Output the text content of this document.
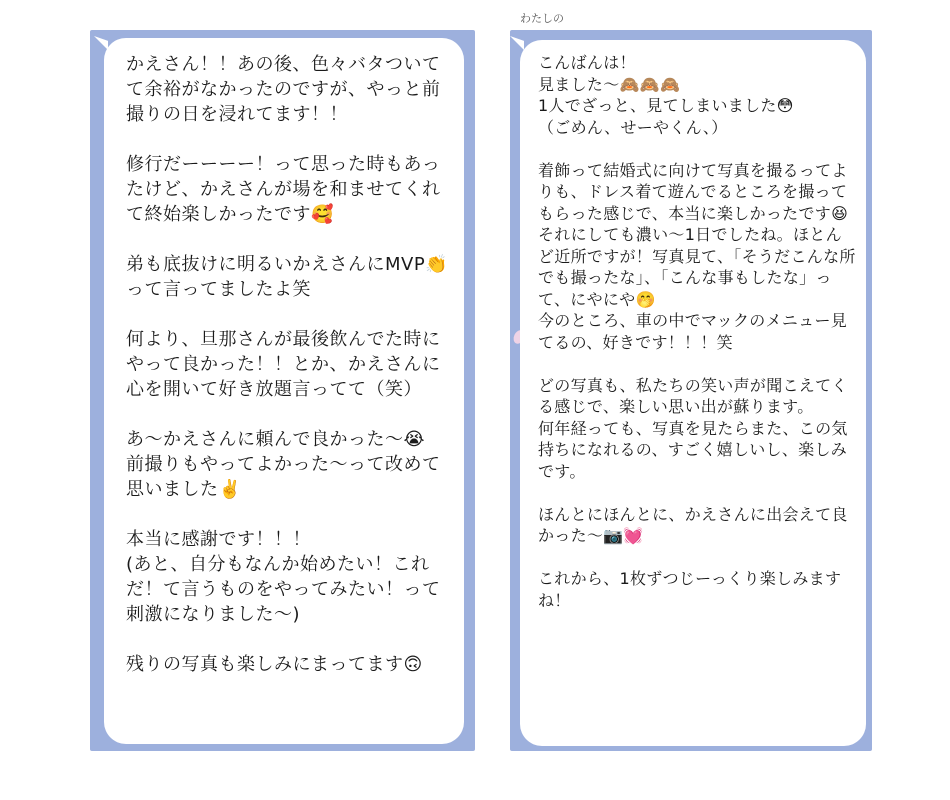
わたしの

かえさん！！あの後、色々バタついてて余裕がなかったのですが、やっと前撮りの日を浸れてます！！

修行だーーーー！って思った時もあったけど、かえさんが場を和ませてくれて終始楽しかったです🥰

弟も底抜けに明るいかえさんにMVP👏って言ってましたよ笑

何より、旦那さんが最後飲んでた時にやって良かった！！とか、かえさんに心を開いて好き放題言ってて（笑）

あ〜かえさんに頼んで良かった〜😭
前撮りもやってよかった〜って改めて思いました✌️

本当に感謝です！！！
(あと、自分もなんか始めたい！これだ！て言うものをやってみたい！って刺激になりました〜)

残りの写真も楽しみにまってます🙃

こんばんは！
見ました〜🙈🙈🙈
1人でざっと、見てしまいました😳
（ごめん、せーやくん、）

着飾って結婚式に向けて写真を撮るってよりも、ドレス着て遊んでるところを撮ってもらった感じで、本当に楽しかったです😆
それにしても濃い〜1日でしたね。ほとんど近所ですが！写真見て、「そうだこんな所でも撮ったな」、「こんな事もしたな」って、にやにや🤭
今のところ、車の中でマックのメニュー見てるの、好きです！！！笑

どの写真も、私たちの笑い声が聞こえてくる感じで、楽しい思い出が蘇ります。
何年経っても、写真を見たらまた、この気持ちになれるの、すごく嬉しいし、楽しみです。

ほんとにほんとに、かえさんに出会えて良かった〜📷💓

これから、1枚ずつじーっくり楽しみますね！
